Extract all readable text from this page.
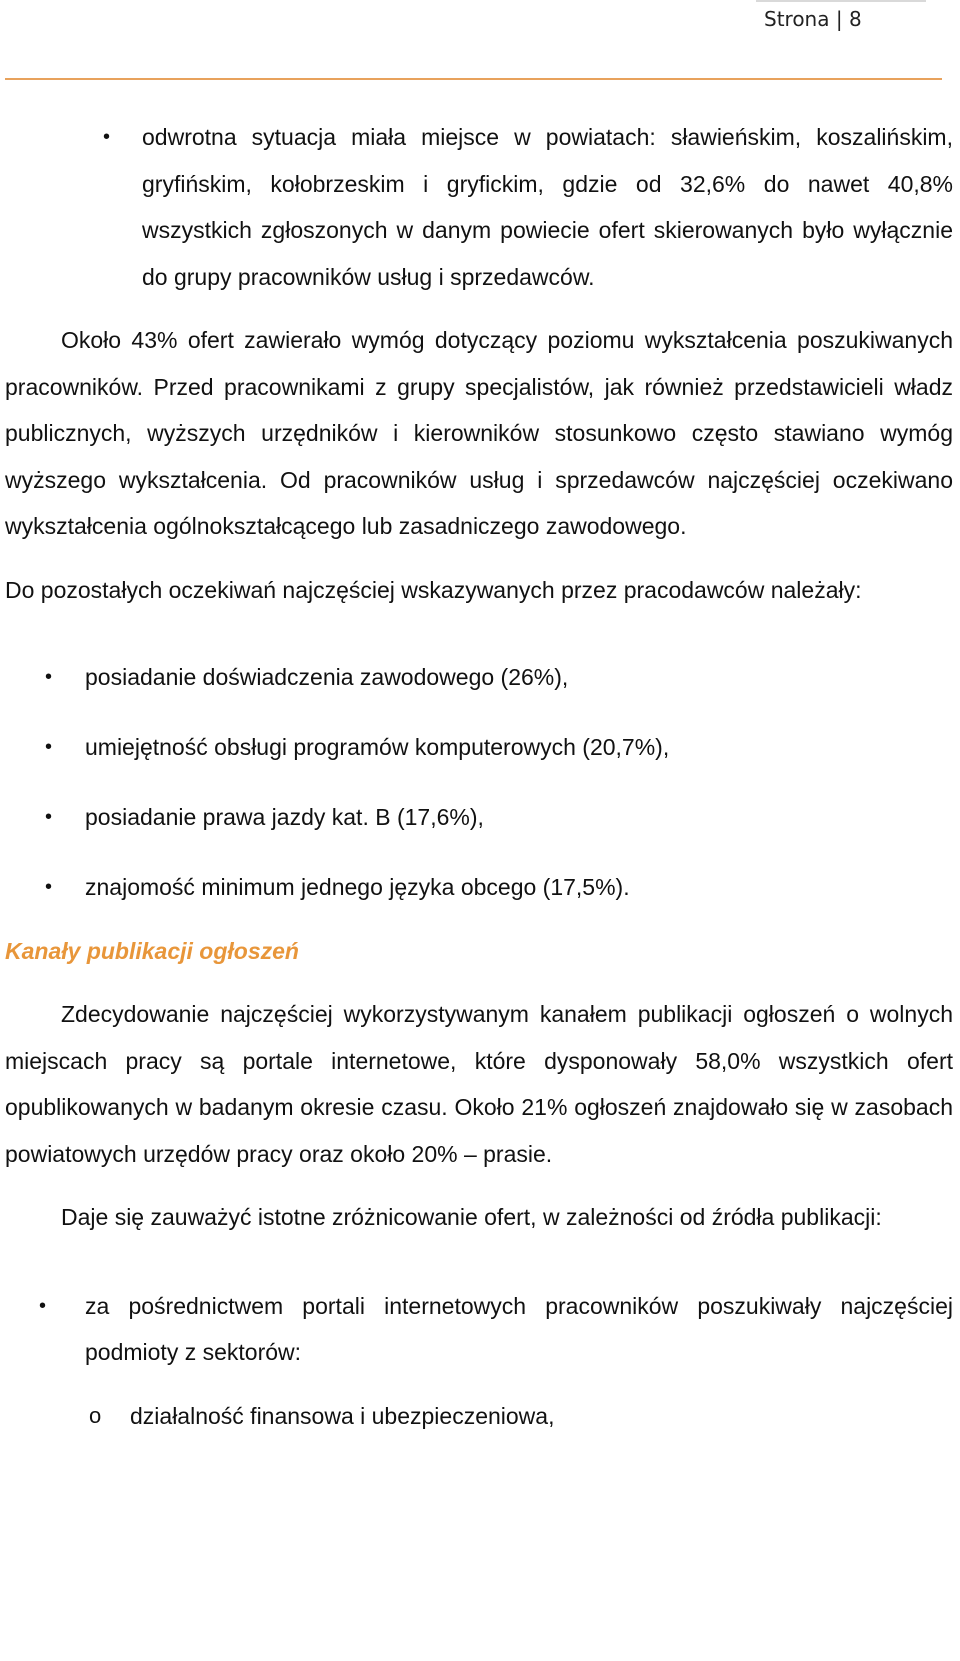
Strona | 8
• odwrotna sytuacja miała miejsce w powiatach: sławieńskim, koszalińskim, gryfińskim, kołobrzeskim i gryfickim, gdzie od 32,6% do nawet 40,8% wszystkich zgłoszonych w danym powiecie ofert skierowanych było wyłącznie do grupy pracowników usług i sprzedawców.

Około 43% ofert zawierało wymóg dotyczący poziomu wykształcenia poszukiwanych pracowników. Przed pracownikami z grupy specjalistów, jak również przedstawicieli władz publicznych, wyższych urzędników i kierowników stosunkowo często stawiano wymóg wyższego wykształcenia. Od pracowników usług i sprzedawców najczęściej oczekiwano wykształcenia ogólnokształcącego lub zasadniczego zawodowego.

Do pozostałych oczekiwań najczęściej wskazywanych przez pracodawców należały:

• posiadanie doświadczenia zawodowego (26%),
• umiejętność obsługi programów komputerowych (20,7%),
• posiadanie prawa jazdy kat. B (17,6%),
• znajomość minimum jednego języka obcego (17,5%).
Kanały publikacji ogłoszeń

Zdecydowanie najczęściej wykorzystywanym kanałem publikacji ogłoszeń o wolnych miejscach pracy są portale internetowe, które dysponowały 58,0% wszystkich ofert opublikowanych w badanym okresie czasu. Około 21% ogłoszeń znajdowało się w zasobach powiatowych urzędów pracy oraz około 20% – prasie.

Daje się zauważyć istotne zróżnicowanie ofert, w zależności od źródła publikacji:

• za pośrednictwem portali internetowych pracowników poszukiwały najczęściej podmioty z sektorów:
o działalność finansowa i ubezpieczeniowa,
